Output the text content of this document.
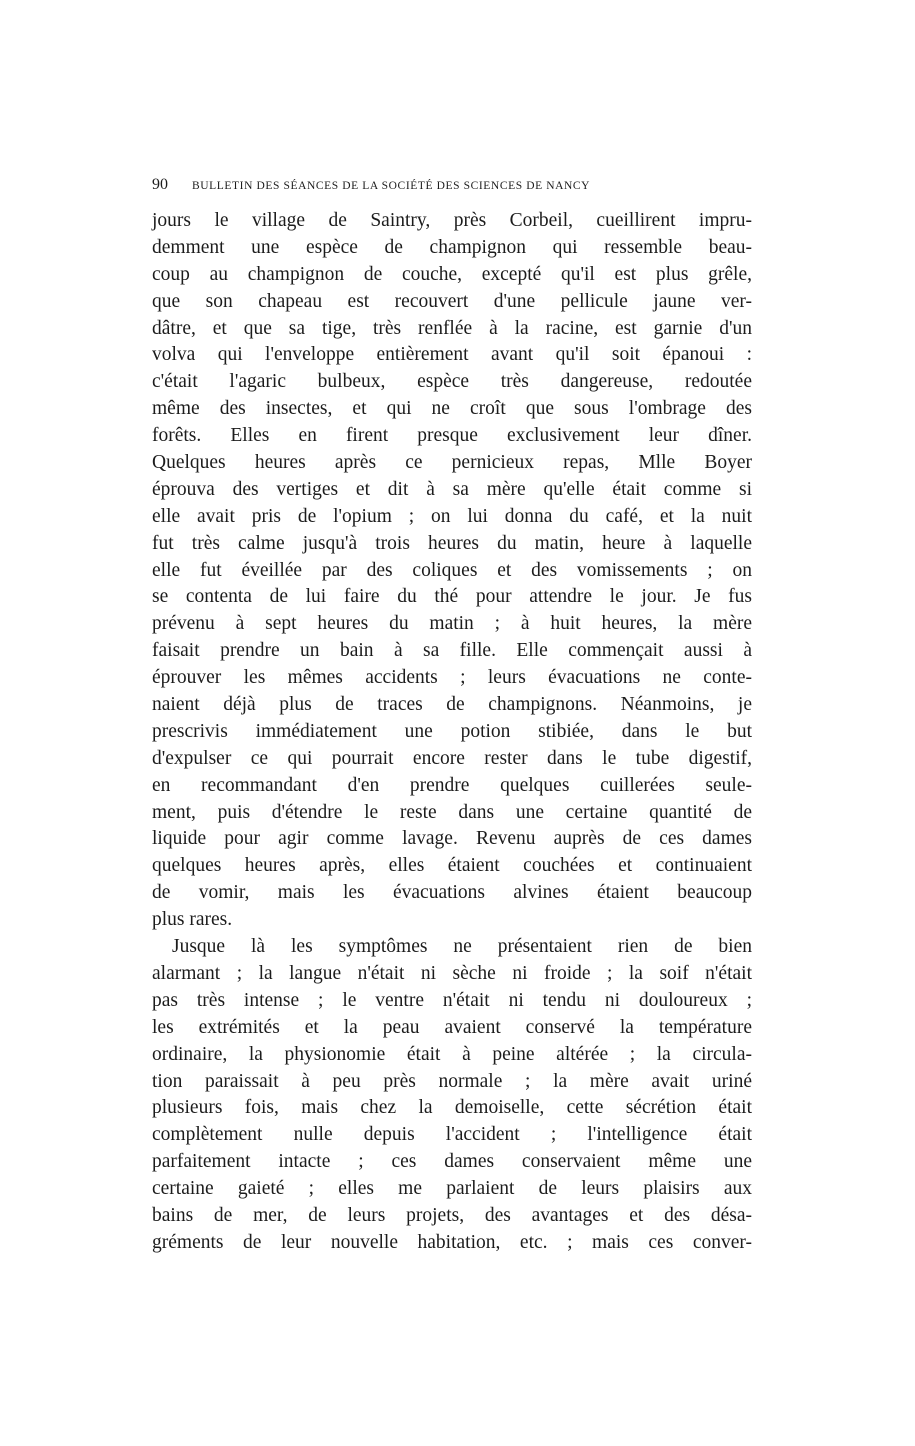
90 BULLETIN DES SÉANCES DE LA SOCIÉTÉ DES SCIENCES DE NANCY
jours le village de Saintry, près Corbeil, cueillirent impru-
demment une espèce de champignon qui ressemble beau-
coup au champignon de couche, excepté qu'il est plus grêle,
que son chapeau est recouvert d'une pellicule jaune ver-
dâtre, et que sa tige, très renflée à la racine, est garnie d'un
volva qui l'enveloppe entièrement avant qu'il soit épanoui :
c'était l'agaric bulbeux, espèce très dangereuse, redoutée
même des insectes, et qui ne croît que sous l'ombrage des
forêts. Elles en firent presque exclusivement leur dîner.
Quelques heures après ce pernicieux repas, Mlle Boyer
éprouva des vertiges et dit à sa mère qu'elle était comme si
elle avait pris de l'opium ; on lui donna du café, et la nuit
fut très calme jusqu'à trois heures du matin, heure à laquelle
elle fut éveillée par des coliques et des vomissements ; on
se contenta de lui faire du thé pour attendre le jour. Je fus
prévenu à sept heures du matin ; à huit heures, la mère
faisait prendre un bain à sa fille. Elle commençait aussi à
éprouver les mêmes accidents ; leurs évacuations ne conte-
naient déjà plus de traces de champignons. Néanmoins, je
prescrivis immédiatement une potion stibiée, dans le but
d'expulser ce qui pourrait encore rester dans le tube digestif,
en recommandant d'en prendre quelques cuillerées seule-
ment, puis d'étendre le reste dans une certaine quantité de
liquide pour agir comme lavage. Revenu auprès de ces dames
quelques heures après, elles étaient couchées et continuaient
de vomir, mais les évacuations alvines étaient beaucoup
plus rares.
Jusque là les symptômes ne présentaient rien de bien
alarmant ; la langue n'était ni sèche ni froide ; la soif n'était
pas très intense ; le ventre n'était ni tendu ni douloureux ;
les extrémités et la peau avaient conservé la température
ordinaire, la physionomie était à peine altérée ; la circula-
tion paraissait à peu près normale ; la mère avait uriné
plusieurs fois, mais chez la demoiselle, cette sécrétion était
complètement nulle depuis l'accident ; l'intelligence était
parfaitement intacte ; ces dames conservaient même une
certaine gaieté ; elles me parlaient de leurs plaisirs aux
bains de mer, de leurs projets, des avantages et des désa-
gréments de leur nouvelle habitation, etc. ; mais ces conver-
